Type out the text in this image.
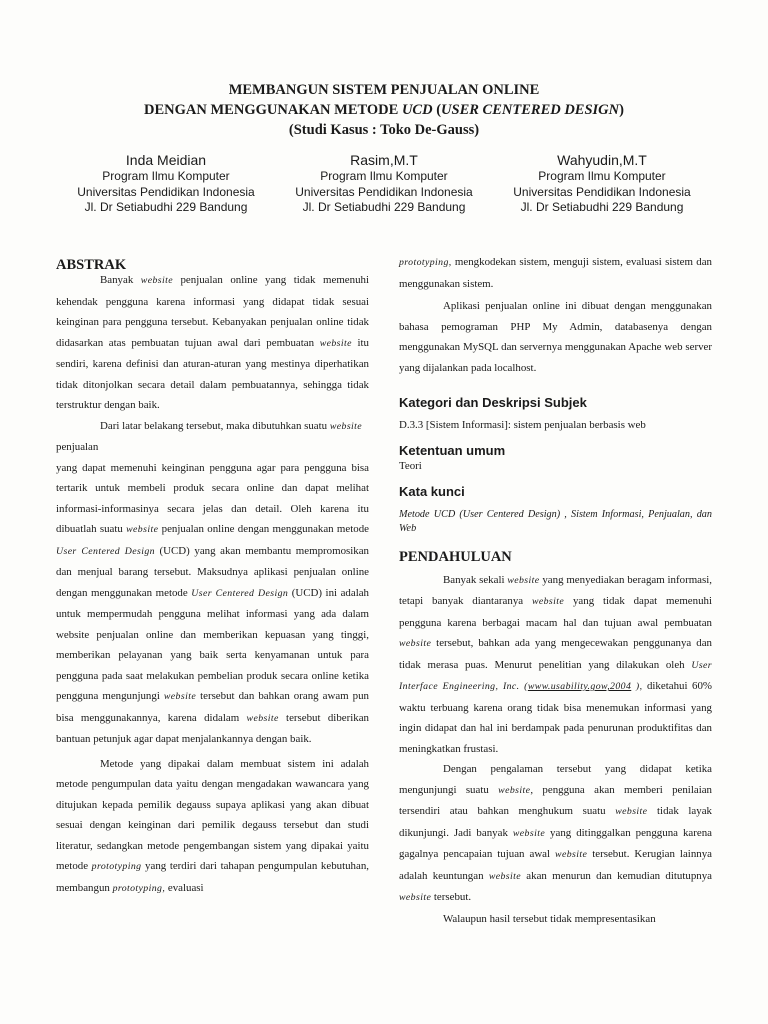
MEMBANGUN SISTEM PENJUALAN ONLINE
DENGAN MENGGUNAKAN METODE UCD (USER CENTERED DESIGN)
(Studi Kasus : Toko De-Gauss)
Inda Meidian
Program Ilmu Komputer
Universitas Pendidikan Indonesia
Jl. Dr Setiabudhi 229 Bandung
Rasim,M.T
Program Ilmu Komputer
Universitas Pendidikan Indonesia
Jl. Dr Setiabudhi 229 Bandung
Wahyudin,M.T
Program Ilmu Komputer
Universitas Pendidikan Indonesia
Jl. Dr Setiabudhi 229 Bandung
ABSTRAK

Banyak website penjualan online yang tidak memenuhi kehendak pengguna karena informasi yang didapat tidak sesuai keinginan para pengguna tersebut. Kebanyakan penjualan online tidak didasarkan atas pembuatan tujuan awal dari pembuatan website itu sendiri, karena definisi dan aturan-aturan yang mestinya diperhatikan tidak ditonjolkan secara detail dalam pembuatannya, sehingga tidak terstruktur dengan baik.

Dari latar belakang tersebut, maka dibutuhkan suatu website penjualan

yang dapat memenuhi keinginan pengguna agar para pengguna bisa tertarik untuk membeli produk secara online dan dapat melihat informasi-informasinya secara jelas dan detail. Oleh karena itu dibuatlah suatu website penjualan online dengan menggunakan metode User Centered Design (UCD) yang akan membantu mempromosikan dan menjual barang tersebut. Maksudnya aplikasi penjualan online dengan menggunakan metode User Centered Design (UCD) ini adalah untuk mempermudah pengguna melihat informasi yang ada dalam website penjualan online dan memberikan kepuasan yang tinggi, memberikan pelayanan yang baik serta kenyamanan untuk para pengguna pada saat melakukan pembelian produk secara online ketika pengguna mengunjungi website tersebut dan bahkan orang awam pun bisa menggunakannya, karena didalam website tersebut diberikan bantuan petunjuk agar dapat menjalankannya dengan baik.

Metode yang dipakai dalam membuat sistem ini adalah metode pengumpulan data yaitu dengan mengadakan wawancara yang ditujukan kepada pemilik degauss supaya aplikasi yang akan dibuat sesuai dengan keinginan dari pemilik degauss tersebut dan studi literatur, sedangkan metode pengembangan sistem yang dipakai yaitu metode prototyping yang terdiri dari tahapan pengumpulan kebutuhan, membangun prototyping, evaluasi

prototyping, mengkodekan sistem, menguji sistem, evaluasi sistem dan menggunakan sistem.

Aplikasi penjualan online ini dibuat dengan menggunakan bahasa pemograman PHP My Admin, databasenya dengan menggunakan MySQL dan servernya menggunakan Apache web server yang dijalankan pada localhost.

Kategori dan Deskripsi Subjek

D.3.3 [Sistem Informasi]: sistem penjualan berbasis web

Ketentuan umum

Teori

Kata kunci

Metode UCD (User Centered Design) , Sistem Informasi, Penjualan, dan Web

PENDAHULUAN

Banyak sekali website yang menyediakan beragam informasi, tetapi banyak diantaranya website yang tidak dapat memenuhi pengguna karena berbagai macam hal dan tujuan awal pembuatan website tersebut, bahkan ada yang mengecewakan penggunanya dan tidak merasa puas. Menurut penelitian yang dilakukan oleh User Interface Engineering, Inc. (www.usability.gow,2004 ), diketahui 60% waktu terbuang karena orang tidak bisa menemukan informasi yang ingin didapat dan hal ini berdampak pada penurunan produktifitas dan meningkatkan frustasi.

Dengan pengalaman tersebut yang didapat ketika mengunjungi suatu website, pengguna akan memberi penilaian tersendiri atau bahkan menghukum suatu website tidak layak dikunjungi. Jadi banyak website yang ditinggalkan pengguna karena gagalnya pencapaian tujuan awal website tersebut. Kerugian lainnya adalah keuntungan website akan menurun dan kemudian ditutupnya website tersebut.

Walaupun hasil tersebut tidak mempresentasikan
